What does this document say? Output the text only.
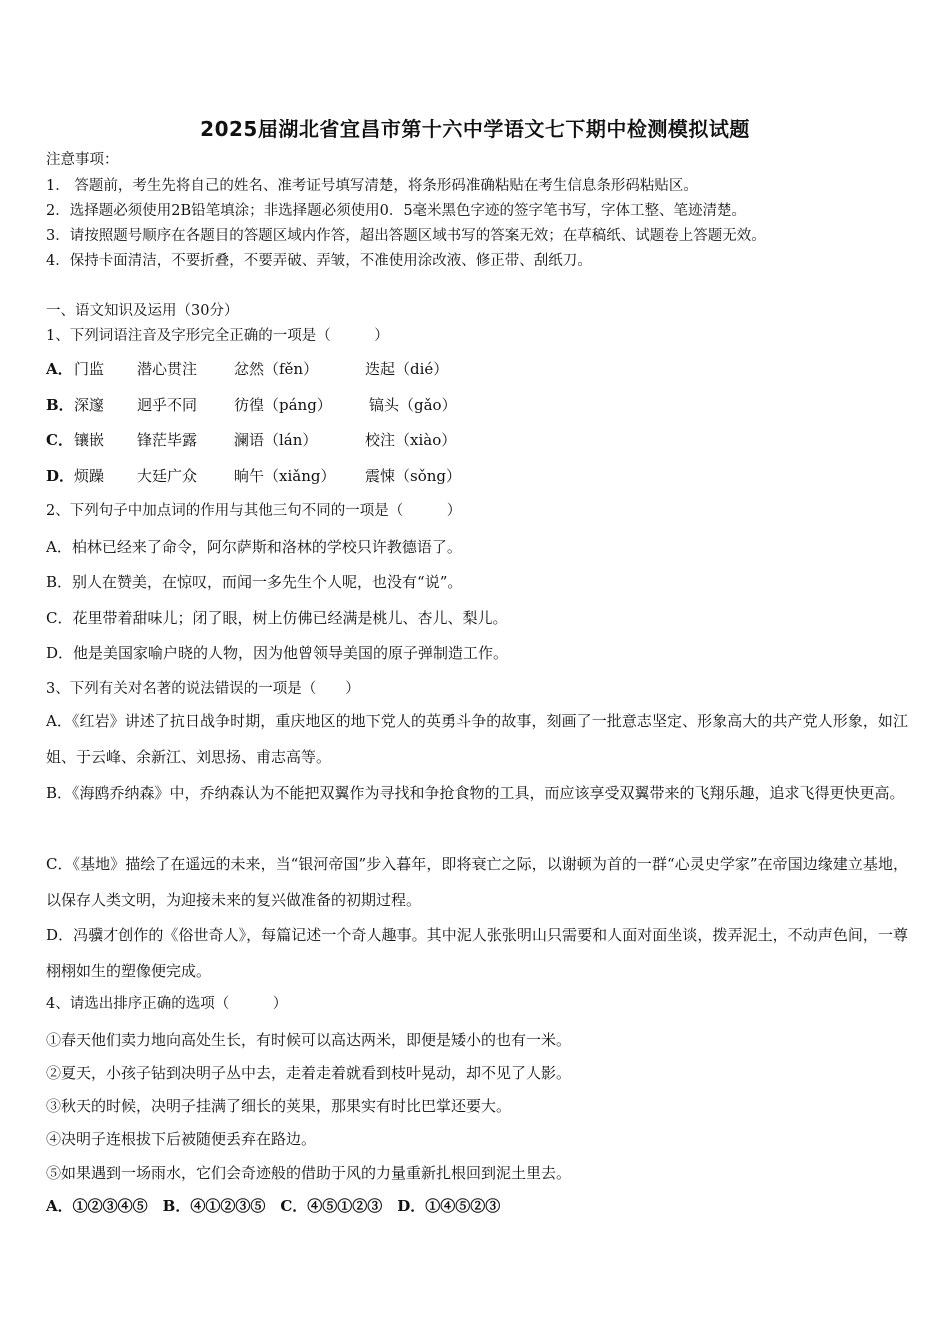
2025届湖北省宜昌市第十六中学语文七下期中检测模拟试题
注意事项：
1． 答题前，考生先将自己的姓名、准考证号填写清楚，将条形码准确粘贴在考生信息条形码粘贴区。
2．选择题必须使用2B铅笔填涂；非选择题必须使用0．5毫米黑色字迹的签字笔书写，字体工整、笔迹清楚。
3．请按照题号顺序在各题目的答题区域内作答，超出答题区域书写的答案无效；在草稿纸、试题卷上答题无效。
4．保持卡面清洁，不要折叠，不要弄破、弄皱，不准使用涂改液、修正带、刮纸刀。
一、语文知识及运用（30分）
1、下列词语注音及字形完全正确的一项是（　　　）
A． 门监 潜心贯注 忿然（fěn）	迭起（dié）
B． 深邃 迥乎不同 彷徨（páng） 镐头（gǎo）
C． 镶嵌 锋茫毕露 澜语（lán）	校注（xiào）
D． 烦躁 大廷广众 晌午（xiǎng） 震悚（sǒng）
2、下列句子中加点词的作用与其他三句不同的一项是（　　　）
A．柏林已经来了命令，阿尔萨斯和洛林的学校只许教德语了。
B．别人在赞美，在惊叹，而闻一多先生个人呢，也没有“说”。
C．花里带着甜味儿；闭了眼，树上仿佛已经满是桃儿、杏儿、梨儿。
D．他是美国家喻户晓的人物，因为他曾领导美国的原子弹制造工作。
3、下列有关对名著的说法错误的一项是（　　）
A．《红岩》讲述了抗日战争时期，重庆地区的地下党人的英勇斗争的故事，刻画了一批意志坚定、形象高大的共产党人形象，如江姐、于云峰、余新江、刘思扬、甫志高等。
B．《海鸥乔纳森》中，乔纳森认为不能把双翼作为寻找和争抢食物的工具，而应该享受双翼带来的飞翔乐趣，追求飞得更快更高。
C．《基地》描绘了在遥远的未来，当“银河帝国”步入暮年，即将衰亡之际，以谢顿为首的一群“心灵史学家”在帝国边缘建立基地，以保存人类文明，为迎接未来的复兴做准备的初期过程。
D．冯骥才创作的《俗世奇人》，每篇记述一个奇人趣事。其中泥人张张明山只需要和人面对面坐谈，拨弄泥土，不动声色间，一尊栩栩如生的塑像便完成。
4、请选出排序正确的选项（　　　）
①春天他们卖力地向高处生长，有时候可以高达两米，即便是矮小的也有一米。
②夏天，小孩子钻到决明子丛中去，走着走着就看到枝叶晃动，却不见了人影。
③秋天的时候，决明子挂满了细长的荚果，那果实有时比巴掌还要大。
④决明子连根拔下后被随便丢弃在路边。
⑤如果遇到一场雨水，它们会奇迹般的借助于风的力量重新扎根回到泥土里去。
A．①②③④⑤　B．④①②③⑤　C．④⑤①②③　D．①④⑤②③
